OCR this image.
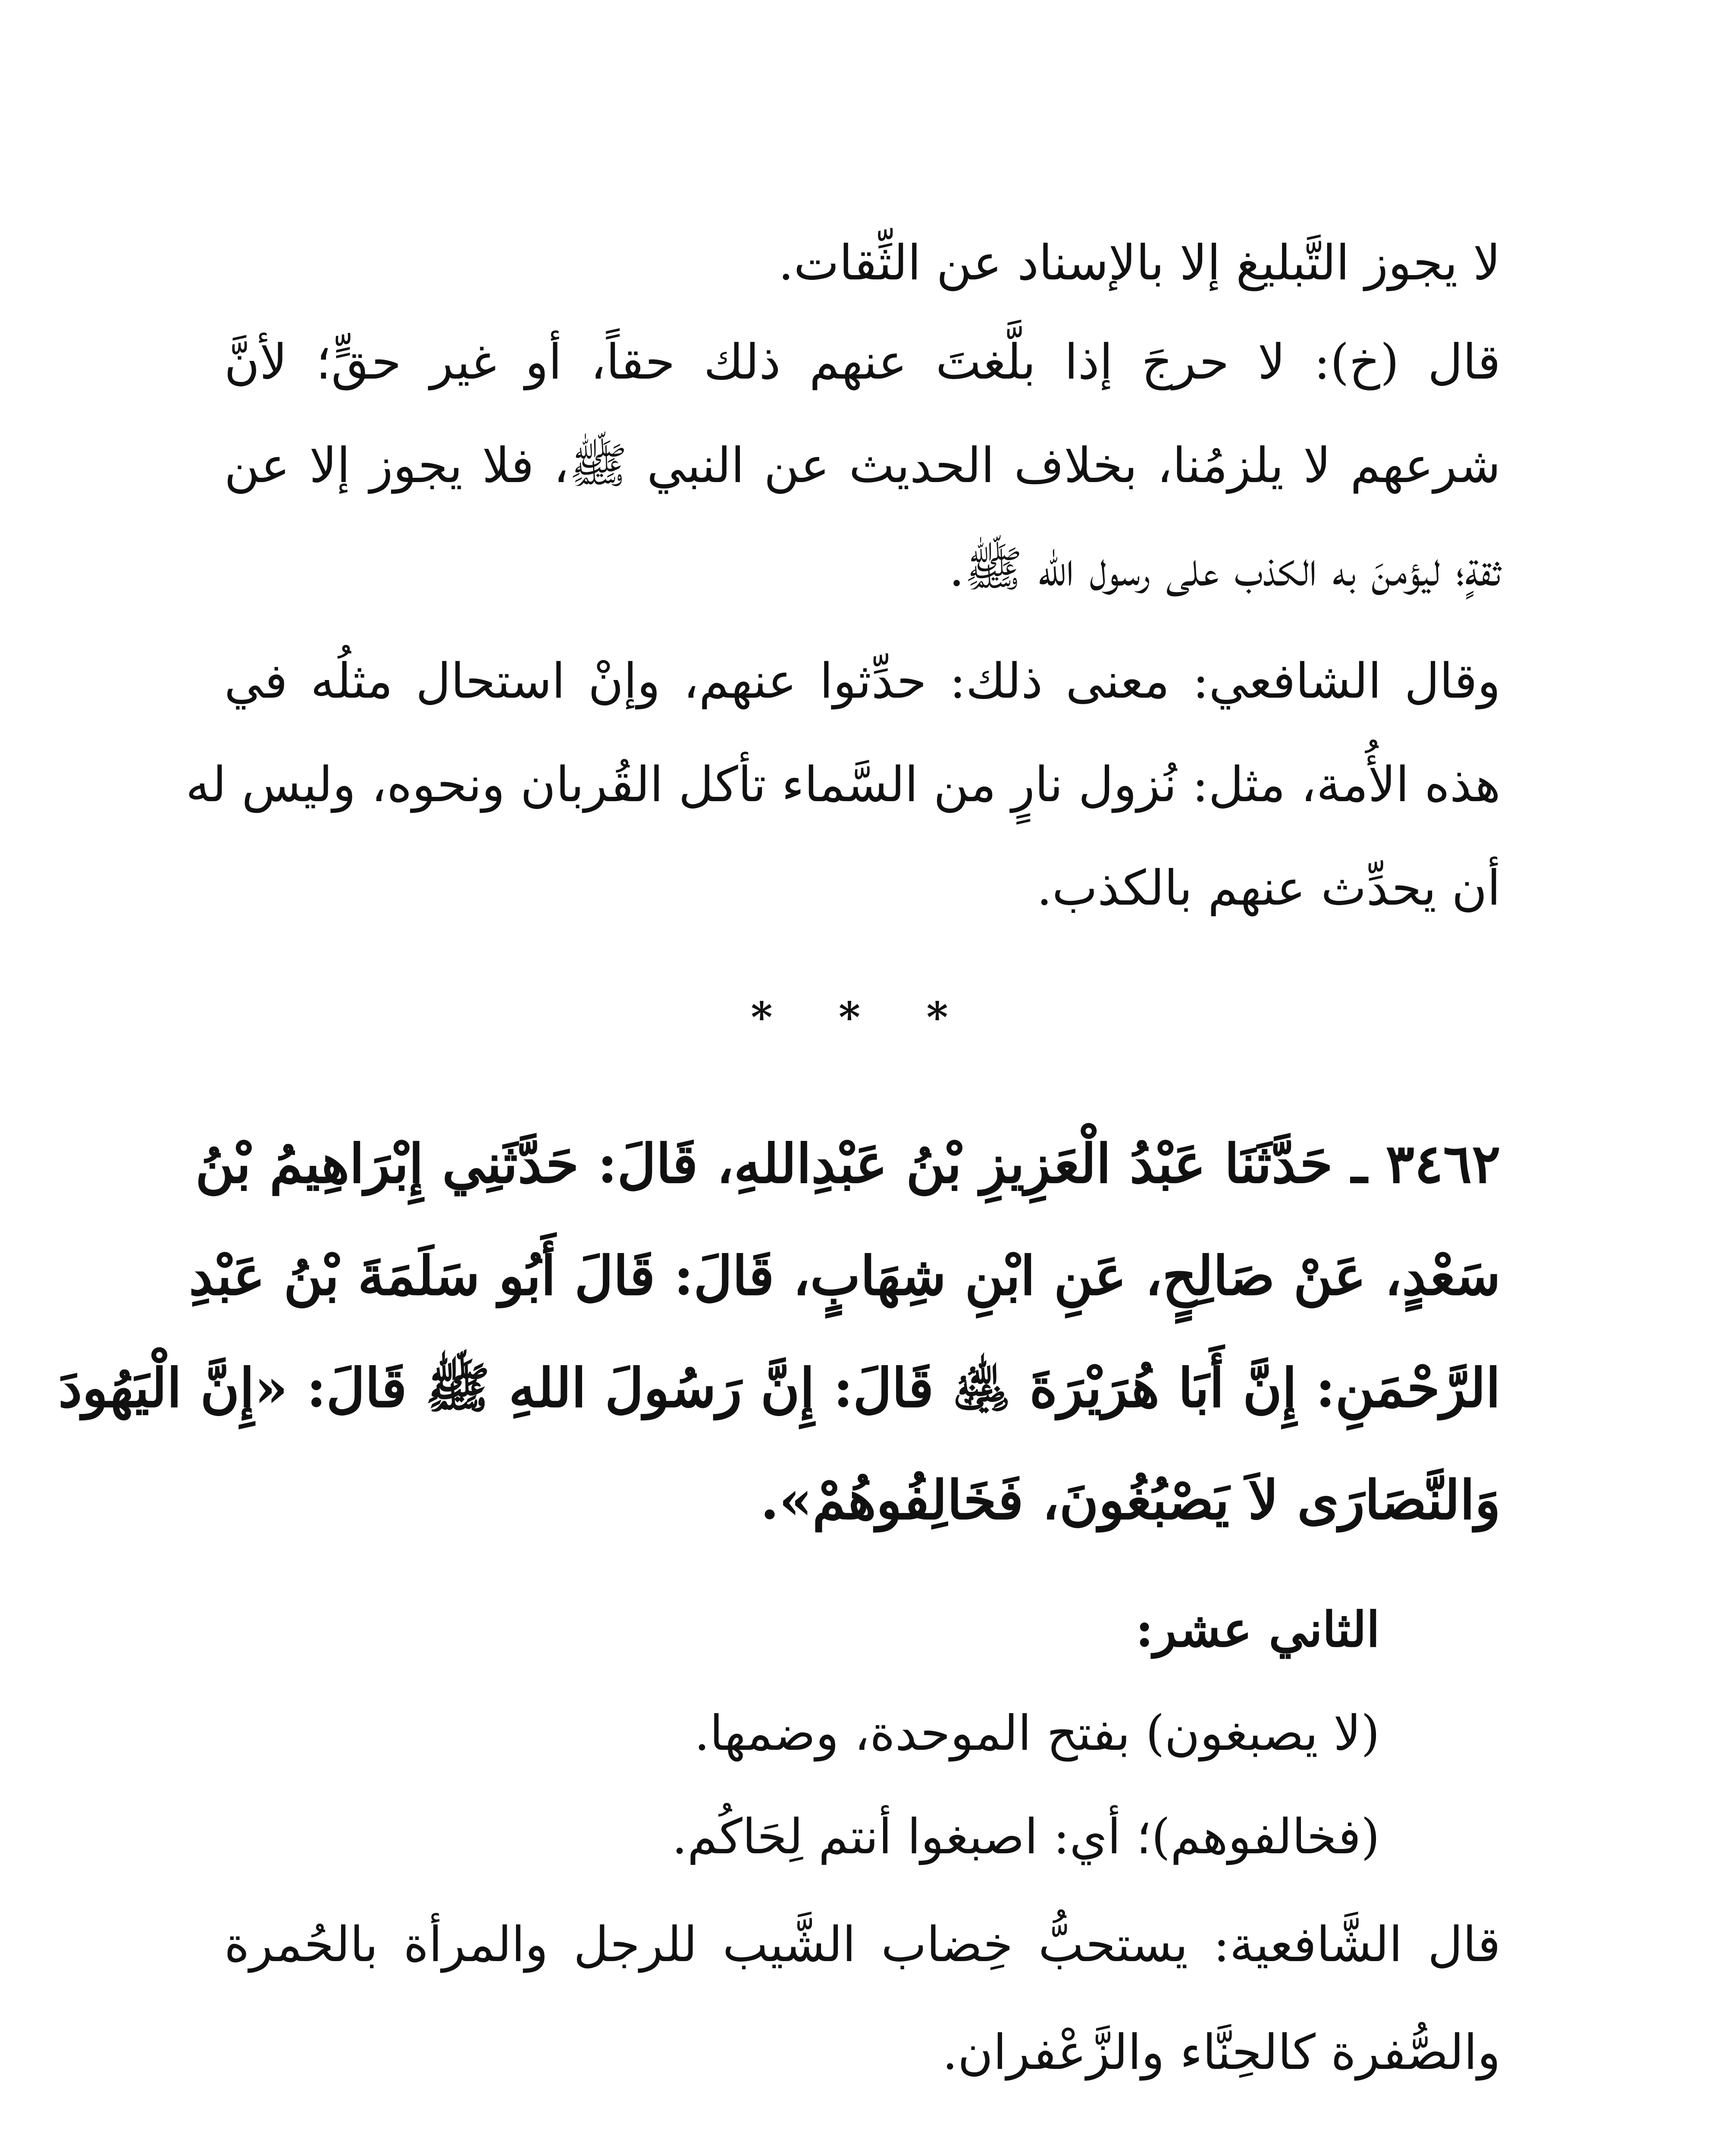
لا يجوز التَّبليغ إلا بالإسناد عن الثِّقات.
قال (خ): لا حرجَ إذا بلَّغتَ عنهم ذلك حقاً، أو غير حقٍّ؛ لأنَّ
شرعهم لا يلزمُنا، بخلاف الحديث عن النبي ﷺ، فلا يجوز إلا عن
ثقةٍ؛ ليؤمنَ به الكذب على رسول الله ﷺ.
وقال الشافعي: معنى ذلك: حدِّثوا عنهم، وإنْ استحال مثلُه في
هذه الأُمة، مثل: نُزول نارٍ من السَّماء تأكل القُربان ونحوه، وليس له
أن يحدِّث عنهم بالكذب.
* * *
٣٤٦٢ ـ حَدَّثَنَا عَبْدُ الْعَزِيزِ بْنُ عَبْدِاللهِ، قَالَ: حَدَّثَنِي إِبْرَاهِيمُ بْنُ
سَعْدٍ، عَنْ صَالِحٍ، عَنِ ابْنِ شِهَابٍ، قَالَ: قَالَ أَبُو سَلَمَةَ بْنُ عَبْدِ
الرَّحْمَنِ: إِنَّ أَبَا هُرَيْرَةَ ﵁ قَالَ: إِنَّ رَسُولَ اللهِ ﷺ قَالَ: «إِنَّ الْيَهُودَ
وَالنَّصَارَى لاَ يَصْبُغُونَ، فَخَالِفُوهُمْ».
الثاني عشر:
(لا يصبغون) بفتح الموحدة، وضمها.
(فخالفوهم)؛ أي: اصبغوا أنتم لِحَاكُم.
قال الشَّافعية: يستحبُّ خِضاب الشَّيب للرجل والمرأة بالحُمرة
والصُّفرة كالحِنَّاء والزَّعْفران.
